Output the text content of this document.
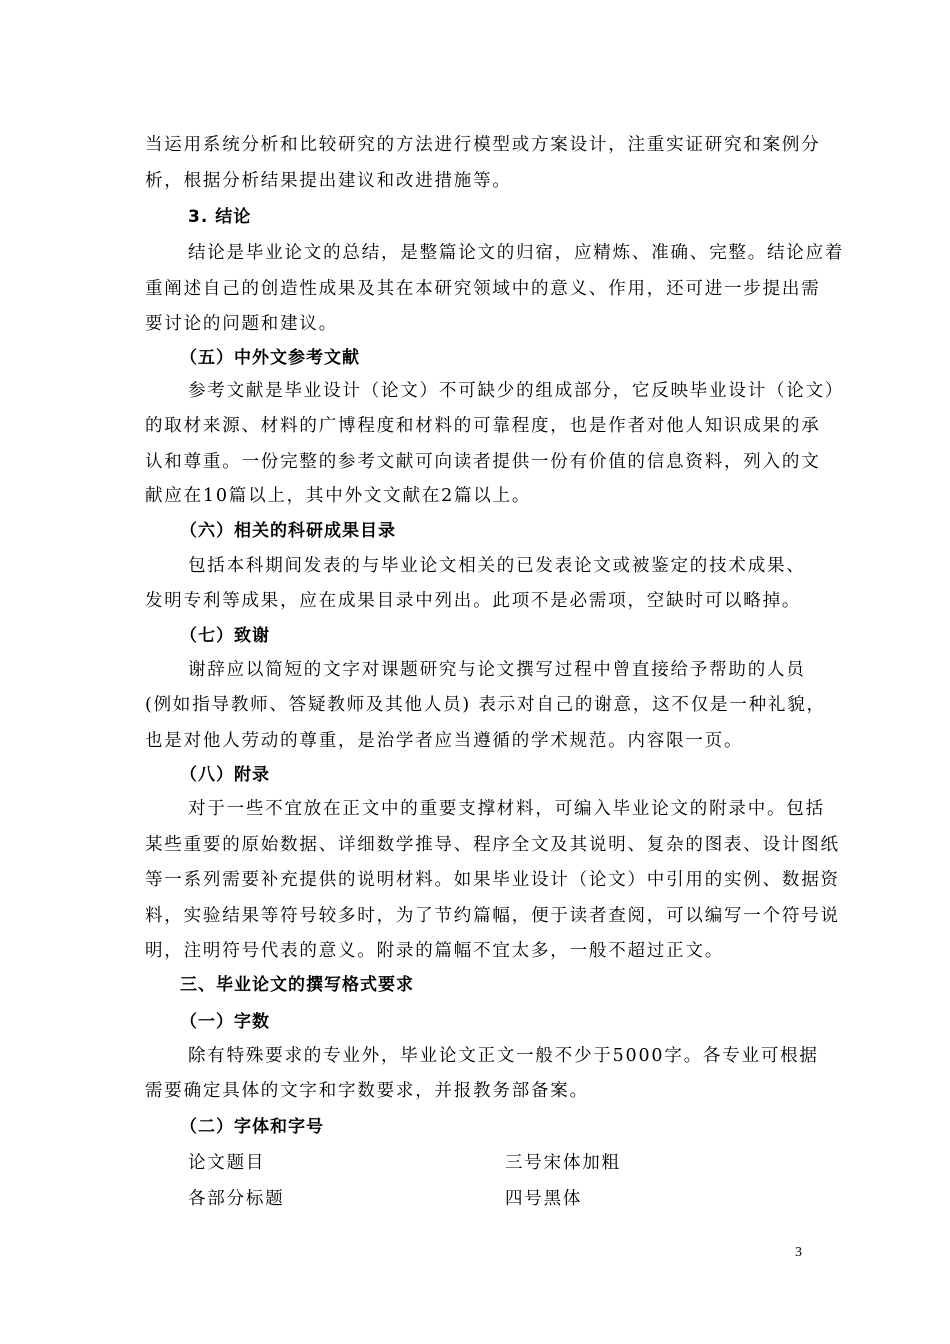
当运用系统分析和比较研究的方法进行模型或方案设计，注重实证研究和案例分
析，根据分析结果提出建议和改进措施等。
3. 结论
结论是毕业论文的总结，是整篇论文的归宿，应精炼、准确、完整。结论应着
重阐述自己的创造性成果及其在本研究领域中的意义、作用，还可进一步提出需
要讨论的问题和建议。
（五）中外文参考文献
参考文献是毕业设计（论文）不可缺少的组成部分，它反映毕业设计（论文）
的取材来源、材料的广博程度和材料的可靠程度，也是作者对他人知识成果的承
认和尊重。一份完整的参考文献可向读者提供一份有价值的信息资料，列入的文
献应在10篇以上，其中外文文献在2篇以上。
（六）相关的科研成果目录
包括本科期间发表的与毕业论文相关的已发表论文或被鉴定的技术成果、
发明专利等成果，应在成果目录中列出。此项不是必需项，空缺时可以略掉。
（七）致谢
谢辞应以简短的文字对课题研究与论文撰写过程中曾直接给予帮助的人员
(例如指导教师、答疑教师及其他人员) 表示对自己的谢意，这不仅是一种礼貌，
也是对他人劳动的尊重，是治学者应当遵循的学术规范。内容限一页。
（八）附录
对于一些不宜放在正文中的重要支撑材料，可编入毕业论文的附录中。包括
某些重要的原始数据、详细数学推导、程序全文及其说明、复杂的图表、设计图纸
等一系列需要补充提供的说明材料。如果毕业设计（论文）中引用的实例、数据资
料，实验结果等符号较多时，为了节约篇幅，便于读者查阅，可以编写一个符号说
明，注明符号代表的意义。附录的篇幅不宜太多，一般不超过正文。
三、毕业论文的撰写格式要求
（一）字数
除有特殊要求的专业外，毕业论文正文一般不少于5000字。各专业可根据
需要确定具体的文字和字数要求，并报教务部备案。
（二）字体和字号
论文题目	三号宋体加粗
各部分标题	四号黑体
3
